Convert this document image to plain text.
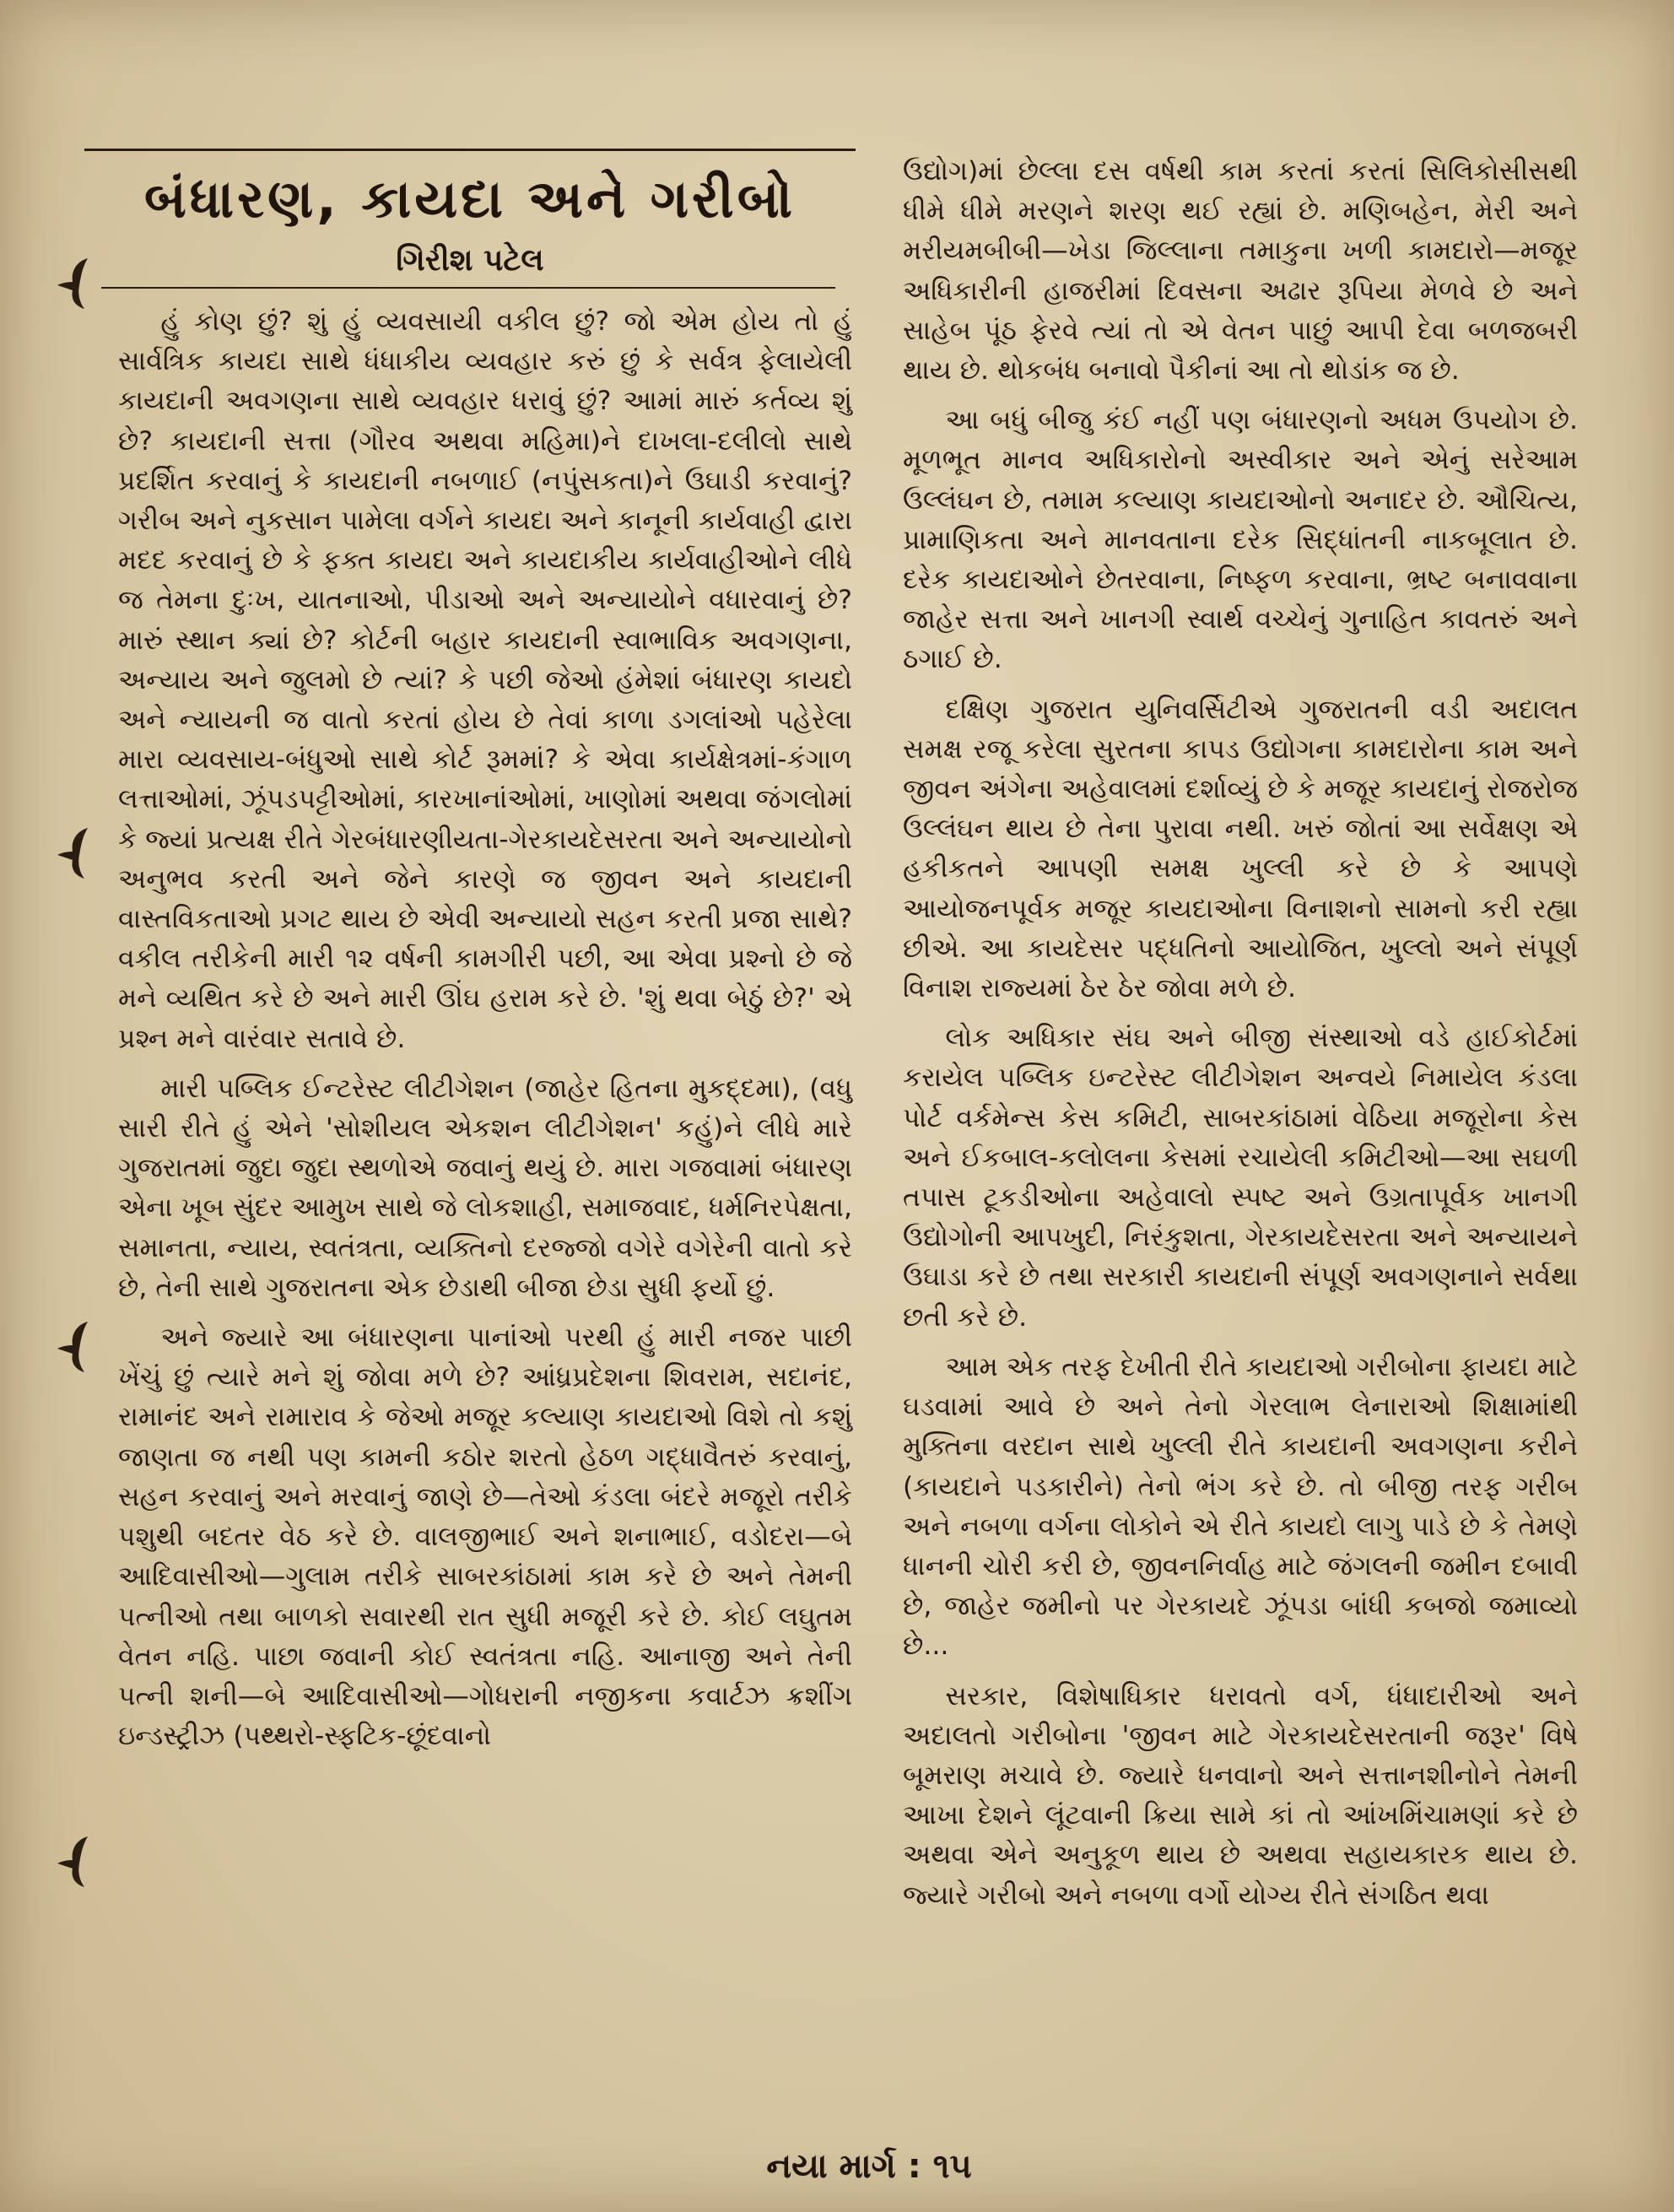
બંધારણ, કાયદા અને ગરીબો
ગિરીશ પટેલ

હું કોણ છું? શું હું વ્યવસાયી વકીલ છું? જો એમ હોય તો હું સાર્વત્રિક કાયદા સાથે ધંધાકીય વ્યવહાર કરું છું કે સર્વત્ર ફેલાયેલી કાયદાની અવગણના સાથે વ્યવહાર ધરાવું છું? આમાં મારું કર્તવ્ય શું છે? કાયદાની સત્તા (ગૌરવ અથવા મહિમા)ને દાખલા-દલીલો સાથે પ્રદર્શિત કરવાનું કે કાયદાની નબળાઈ (નપુંસકતા)ને ઉઘાડી કરવાનું? ગરીબ અને નુકસાન પામેલા વર્ગને કાયદા અને કાનૂની કાર્યવાહી દ્વારા મદદ કરવાનું છે કે ફક્ત કાયદા અને કાયદાકીય કાર્યવાહીઓને લીધે જ તેમના દુઃખ, યાતનાઓ, પીડાઓ અને અન્યાયોને વધારવાનું છે? મારું સ્થાન ક્યાં છે? કોર્ટની બહાર કાયદાની સ્વાભાવિક અવગણના, અન્યાય અને જુલમો છે ત્યાં? કે પછી જેઓ હંમેશાં બંધારણ કાયદો અને ન્યાયની જ વાતો કરતાં હોય છે તેવાં કાળા ડગલાંઓ પહેરેલા મારા વ્યવસાય-બંધુઓ સાથે કોર્ટ રૂમમાં? કે એવા કાર્યક્ષેત્રમાં-કંગાળ લત્તાઓમાં, ઝૂંપડપટ્ટીઓમાં, કારખાનાંઓમાં, ખાણોમાં અથવા જંગલોમાં કે જ્યાં પ્રત્યક્ષ રીતે ગેરબંધારણીયતા-ગેરકાયદેસરતા અને અન્યાયોનો અનુભવ કરતી અને જેને કારણે જ જીવન અને કાયદાની વાસ્તવિકતાઓ પ્રગટ થાય છે એવી અન્યાયો સહન કરતી પ્રજા સાથે? વકીલ તરીકેની મારી ૧૨ વર્ષની કામગીરી પછી, આ એવા પ્રશ્નો છે જે મને વ્યથિત કરે છે અને મારી ઊંઘ હરામ કરે છે. 'શું થવા બેઠું છે?' એ પ્રશ્ન મને વારંવાર સતાવે છે.

મારી પબ્લિક ઈન્ટરેસ્ટ લીટીગેશન (જાહેર હિતના મુકદ્દમા), (વધુ સારી રીતે હું એને 'સોશીયલ એકશન લીટીગેશન' કહું)ને લીધે મારે ગુજરાતમાં જુદા જુદા સ્થળોએ જવાનું થયું છે. મારા ગજવામાં બંધારણ એના ખૂબ સુંદર આમુખ સાથે જે લોકશાહી, સમાજવાદ, ધર્મનિરપેક્ષતા, સમાનતા, ન્યાય, સ્વતંત્રતા, વ્યક્તિનો દરજ્જો વગેરે વગેરેની વાતો કરે છે, તેની સાથે ગુજરાતના એક છેડાથી બીજા છેડા સુધી ફર્યો છું.

અને જ્યારે આ બંધારણના પાનાંઓ પરથી હું મારી નજર પાછી ખેંચું છું ત્યારે મને શું જોવા મળે છે? આંધ્રપ્રદેશના શિવરામ, સદાનંદ, રામાનંદ અને રામારાવ કે જેઓ મજૂર કલ્યાણ કાયદાઓ વિશે તો કશું જાણતા જ નથી પણ કામની કઠોર શરતો હેઠળ ગદ્ધાવૈતરું કરવાનું, સહન કરવાનું અને મરવાનું જાણે છે—તેઓ કંડલા બંદરે મજૂરો તરીકે પશુથી બદતર વેઠ કરે છે. વાલજીભાઈ અને શનાભાઈ, વડોદરા—બે આદિવાસીઓ—ગુલામ તરીકે સાબરકાંઠામાં કામ કરે છે અને તેમની પત્નીઓ તથા બાળકો સવારથી રાત સુધી મજૂરી કરે છે. કોઈ લઘુતમ વેતન નહિ. પાછા જવાની કોઈ સ્વતંત્રતા નહિ. આનાજી અને તેની પત્ની શની—બે આદિવાસીઓ—ગોધરાની નજીકના કવાર્ટઝ ક્રશીંગ ઇન્ડસ્ટ્રીઝ (પથ્થરો-સ્ફટિક-છૂંદવાનો

ઉદ્યોગ)માં છેલ્લા દસ વર્ષથી કામ કરતાં કરતાં સિલિકોસીસથી ધીમે ધીમે મરણને શરણ થઈ રહ્યાં છે. મણિબહેન, મેરી અને મરીયમબીબી—ખેડા જિલ્લાના તમાકુના ખળી કામદારો—મજૂર અધિકારીની હાજરીમાં દિવસના અઢાર રૂપિયા મેળવે છે અને સાહેબ પૂંઠ ફેરવે ત્યાં તો એ વેતન પાછું આપી દેવા બળજબરી થાય છે. થોકબંધ બનાવો પૈકીનાં આ તો થોડાંક જ છે.

આ બધું બીજુ કંઈ નહીં પણ બંધારણનો અધમ ઉપયોગ છે. મૂળભૂત માનવ અધિકારોનો અસ્વીકાર અને એનું સરેઆમ ઉલ્લંઘન છે, તમામ કલ્યાણ કાયદાઓનો અનાદર છે. ઔચિત્ય, પ્રામાણિકતા અને માનવતાના દરેક સિદ્ધાંતની નાકબૂલાત છે. દરેક કાયદાઓને છેતરવાના, નિષ્ફળ કરવાના, ભ્રષ્ટ બનાવવાના જાહેર સત્તા અને ખાનગી સ્વાર્થ વચ્ચેનું ગુનાહિત કાવતરું અને ઠગાઈ છે.

દક્ષિણ ગુજરાત યુનિવર્સિટીએ ગુજરાતની વડી અદાલત સમક્ષ રજૂ કરેલા સુરતના કાપડ ઉદ્યોગના કામદારોના કામ અને જીવન અંગેના અહેવાલમાં દર્શાવ્યું છે કે મજૂર કાયદાનું રોજરોજ ઉલ્લંઘન થાય છે તેના પુરાવા નથી. ખરું જોતાં આ સર્વેક્ષણ એ હકીકતને આપણી સમક્ષ ખુલ્લી કરે છે કે આપણે આયોજનપૂર્વક મજૂર કાયદાઓના વિનાશનો સામનો કરી રહ્યા છીએ. આ કાયદેસર પદ્ધતિનો આયોજિત, ખુલ્લો અને સંપૂર્ણ વિનાશ રાજ્યમાં ઠેર ઠેર જોવા મળે છે.

લોક અધિકાર સંઘ અને બીજી સંસ્થાઓ વડે હાઈકોર્ટમાં કરાયેલ પબ્લિક ઇન્ટરેસ્ટ લીટીગેશન અન્વયે નિમાયેલ કંડલા પોર્ટ વર્કમેન્સ કેસ કમિટી, સાબરકાંઠામાં વેઠિયા મજૂરોના કેસ અને ઈકબાલ-કલોલના કેસમાં રચાયેલી કમિટીઓ—આ સઘળી તપાસ ટૂકડીઓના અહેવાલો સ્પષ્ટ અને ઉગ્રતાપૂર્વક ખાનગી ઉદ્યોગોની આપખુદી, નિરંકુશતા, ગેરકાયદેસરતા અને અન્યાયને ઉઘાડા કરે છે તથા સરકારી કાયદાની સંપૂર્ણ અવગણનાને સર્વથા છતી કરે છે.

આમ એક તરફ દેખીતી રીતે કાયદાઓ ગરીબોના ફાયદા માટે ઘડવામાં આવે છે અને તેનો ગેરલાભ લેનારાઓ શિક્ષામાંથી મુક્તિના વરદાન સાથે ખુલ્લી રીતે કાયદાની અવગણના કરીને (કાયદાને પડકારીને) તેનો ભંગ કરે છે. તો બીજી તરફ ગરીબ અને નબળા વર્ગના લોકોને એ રીતે કાયદો લાગુ પાડે છે કે તેમણે ધાનની ચોરી કરી છે, જીવનનિર્વાહ માટે જંગલની જમીન દબાવી છે, જાહેર જમીનો પર ગેરકાયદે ઝૂંપડા બાંધી કબજો જમાવ્યો છે...

સરકાર, વિશેષાધિકાર ધરાવતો વર્ગ, ધંધાદારીઓ અને અદાલતો ગરીબોના 'જીવન માટે ગેરકાયદેસરતાની જરૂર' વિષે બૂમરાણ મચાવે છે. જ્યારે ધનવાનો અને સત્તાનશીનોને તેમની આખા દેશને લૂંટવાની ક્રિયા સામે કાં તો આંખમિંચામણાં કરે છે અથવા એને અનુકૂળ થાય છે અથવા સહાયકારક થાય છે. જ્યારે ગરીબો અને નબળા વર્ગો યોગ્ય રીતે સંગઠિત થવા

નયા માર્ગ : ૧૫
